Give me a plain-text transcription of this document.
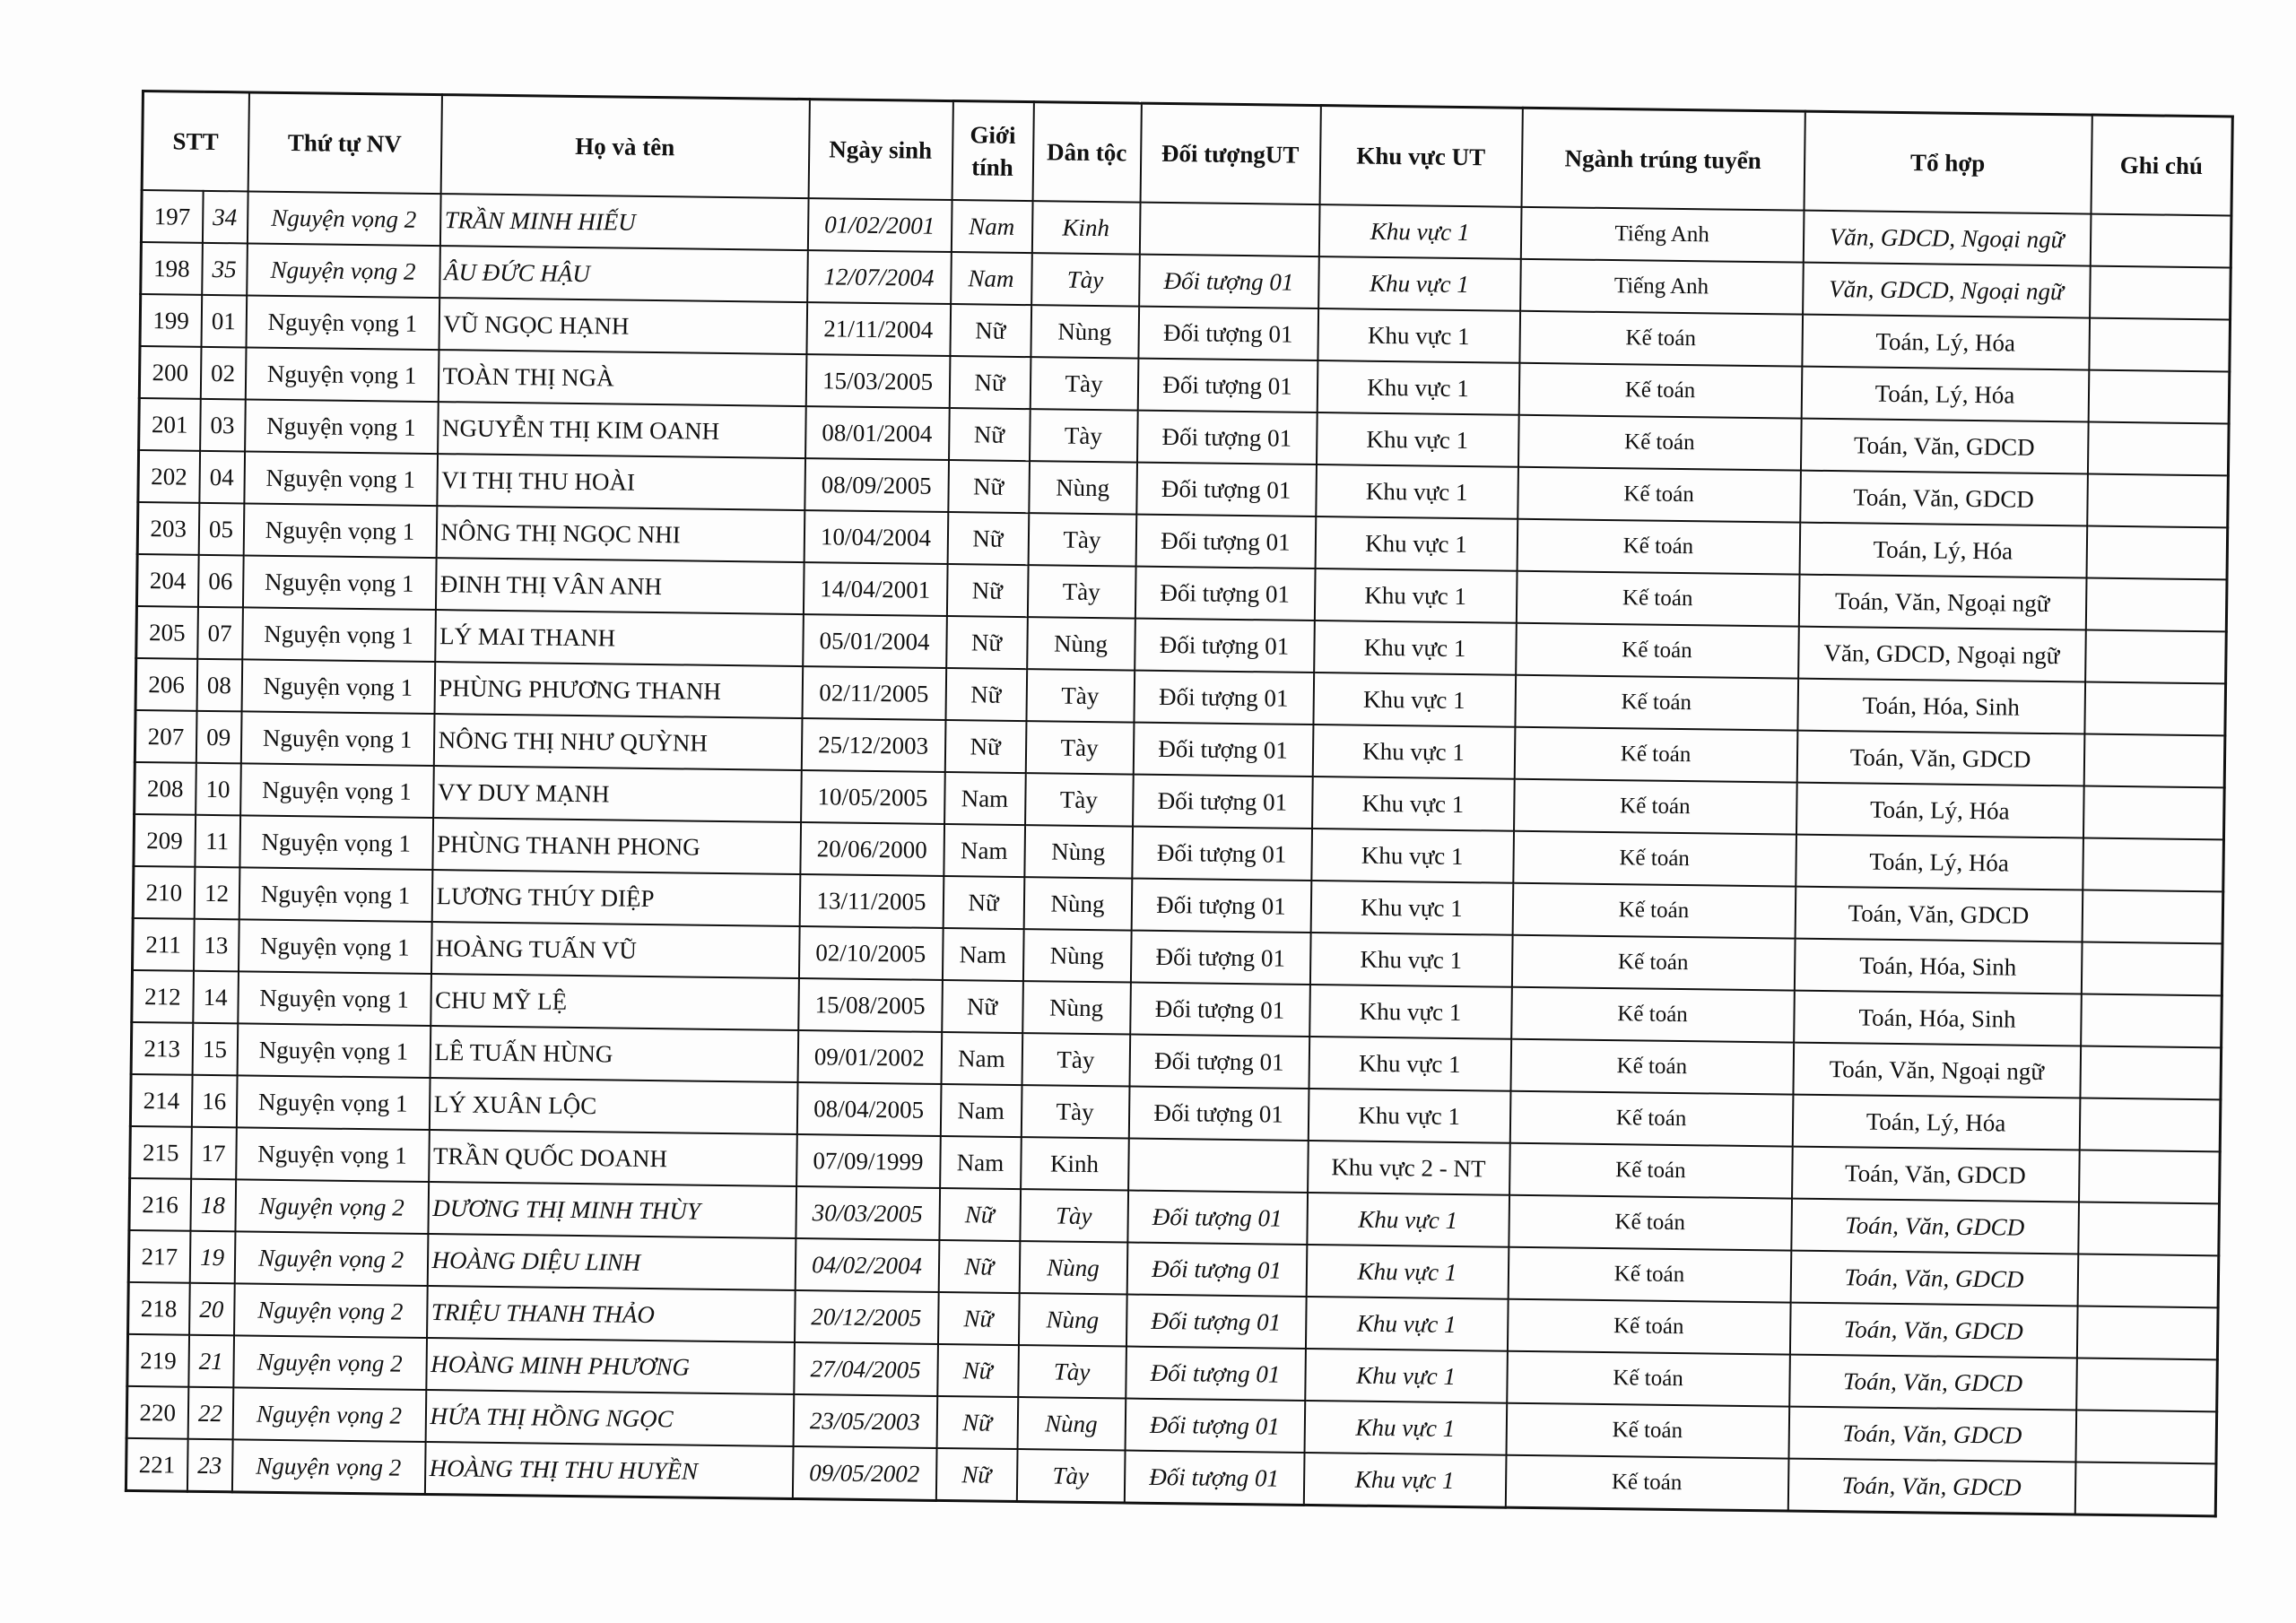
STT		Thứ tự NV	Họ và tên	Ngày sinh	Giới
tính	Dân tộc	Đối tượngUT	Khu vực UT	Ngành trúng tuyển	Tổ hợp	Ghi chú
197	34	Nguyện vọng 2	TRẦN MINH HIẾU	01/02/2001	Nam	Kinh		Khu vực 1	Tiếng Anh	Văn, GDCD, Ngoại ngữ	
198	35	Nguyện vọng 2	ÂU ĐỨC HẬU	12/07/2004	Nam	Tày	Đối tượng 01	Khu vực 1	Tiếng Anh	Văn, GDCD, Ngoại ngữ	
199	01	Nguyện vọng 1	VŨ NGỌC HẠNH	21/11/2004	Nữ	Nùng	Đối tượng 01	Khu vực 1	Kế toán	Toán, Lý, Hóa	
200	02	Nguyện vọng 1	TOÀN THỊ NGÀ	15/03/2005	Nữ	Tày	Đối tượng 01	Khu vực 1	Kế toán	Toán, Lý, Hóa	
201	03	Nguyện vọng 1	NGUYỄN THỊ KIM OANH	08/01/2004	Nữ	Tày	Đối tượng 01	Khu vực 1	Kế toán	Toán, Văn, GDCD	
202	04	Nguyện vọng 1	VI THỊ THU HOÀI	08/09/2005	Nữ	Nùng	Đối tượng 01	Khu vực 1	Kế toán	Toán, Văn, GDCD	
203	05	Nguyện vọng 1	NÔNG THỊ NGỌC NHI	10/04/2004	Nữ	Tày	Đối tượng 01	Khu vực 1	Kế toán	Toán, Lý, Hóa	
204	06	Nguyện vọng 1	ĐINH THỊ VÂN ANH	14/04/2001	Nữ	Tày	Đối tượng 01	Khu vực 1	Kế toán	Toán, Văn, Ngoại ngữ	
205	07	Nguyện vọng 1	LÝ MAI THANH	05/01/2004	Nữ	Nùng	Đối tượng 01	Khu vực 1	Kế toán	Văn, GDCD, Ngoại ngữ	
206	08	Nguyện vọng 1	PHÙNG PHƯƠNG THANH	02/11/2005	Nữ	Tày	Đối tượng 01	Khu vực 1	Kế toán	Toán, Hóa, Sinh	
207	09	Nguyện vọng 1	NÔNG THỊ NHƯ QUỲNH	25/12/2003	Nữ	Tày	Đối tượng 01	Khu vực 1	Kế toán	Toán, Văn, GDCD	
208	10	Nguyện vọng 1	VY DUY MẠNH	10/05/2005	Nam	Tày	Đối tượng 01	Khu vực 1	Kế toán	Toán, Lý, Hóa	
209	11	Nguyện vọng 1	PHÙNG THANH PHONG	20/06/2000	Nam	Nùng	Đối tượng 01	Khu vực 1	Kế toán	Toán, Lý, Hóa	
210	12	Nguyện vọng 1	LƯƠNG THÚY DIỆP	13/11/2005	Nữ	Nùng	Đối tượng 01	Khu vực 1	Kế toán	Toán, Văn, GDCD	
211	13	Nguyện vọng 1	HOÀNG TUẤN VŨ	02/10/2005	Nam	Nùng	Đối tượng 01	Khu vực 1	Kế toán	Toán, Hóa, Sinh	
212	14	Nguyện vọng 1	CHU MỸ LỆ	15/08/2005	Nữ	Nùng	Đối tượng 01	Khu vực 1	Kế toán	Toán, Hóa, Sinh	
213	15	Nguyện vọng 1	LÊ TUẤN HÙNG	09/01/2002	Nam	Tày	Đối tượng 01	Khu vực 1	Kế toán	Toán, Văn, Ngoại ngữ	
214	16	Nguyện vọng 1	LÝ XUÂN LỘC	08/04/2005	Nam	Tày	Đối tượng 01	Khu vực 1	Kế toán	Toán, Lý, Hóa	
215	17	Nguyện vọng 1	TRẦN QUỐC DOANH	07/09/1999	Nam	Kinh		Khu vực 2 - NT	Kế toán	Toán, Văn, GDCD	
216	18	Nguyện vọng 2	DƯƠNG THỊ MINH THÙY	30/03/2005	Nữ	Tày	Đối tượng 01	Khu vực 1	Kế toán	Toán, Văn, GDCD	
217	19	Nguyện vọng 2	HOÀNG DIỆU LINH	04/02/2004	Nữ	Nùng	Đối tượng 01	Khu vực 1	Kế toán	Toán, Văn, GDCD	
218	20	Nguyện vọng 2	TRIỆU THANH THẢO	20/12/2005	Nữ	Nùng	Đối tượng 01	Khu vực 1	Kế toán	Toán, Văn, GDCD	
219	21	Nguyện vọng 2	HOÀNG MINH PHƯƠNG	27/04/2005	Nữ	Tày	Đối tượng 01	Khu vực 1	Kế toán	Toán, Văn, GDCD	
220	22	Nguyện vọng 2	HỨA THỊ HỒNG NGỌC	23/05/2003	Nữ	Nùng	Đối tượng 01	Khu vực 1	Kế toán	Toán, Văn, GDCD	
221	23	Nguyện vọng 2	HOÀNG THỊ THU HUYỀN	09/05/2002	Nữ	Tày	Đối tượng 01	Khu vực 1	Kế toán	Toán, Văn, GDCD	
